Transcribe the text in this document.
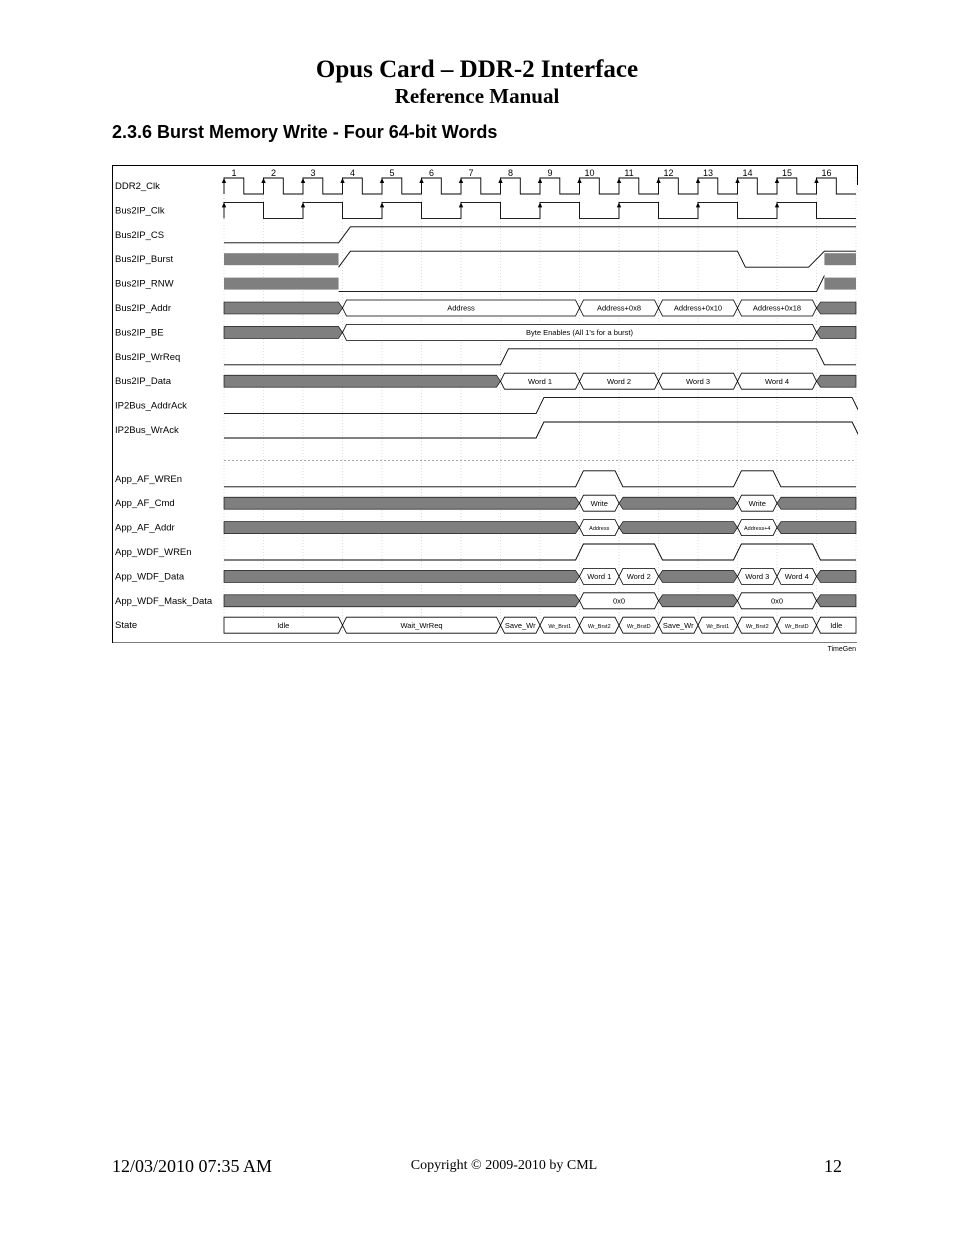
Opus Card – DDR-2 Interface
Reference Manual
2.3.6 Burst Memory Write - Four 64-bit Words
1	2	3	4	5	6	7	8	9	10	11	12	13	14	15	16
DDR2_Clk
Bus2IP_Clk
Bus2IP_CS
Bus2IP_Burst
Bus2IP_RNW
Bus2IP_Addr	Address	Address+0x8	Address+0x10	Address+0x18
Bus2IP_BE	Byte Enables (All 1's for a burst)
Bus2IP_WrReq
Bus2IP_Data	Word 1	Word 2	Word 3	Word 4
IP2Bus_AddrAck
IP2Bus_WrAck
App_AF_WREn
App_AF_Cmd	Write	Write
App_AF_Addr	Address	Address+4
App_WDF_WREn
App_WDF_Data	Word 1 Word 2	Word 3 Word 4
App_WDF_Mask_Data	0x0	0x0
State	Idle	Wait_WrReq	Save_Wr Wr_Brst1	Wr_Brst2	Wr_BrstD Save_Wr Wr_Brst1	Wr_Brst2	Wr_BrstD	Idle
TimeGen
12/03/2010 07:35 AM	Copyright © 2009-2010 by CML	12
